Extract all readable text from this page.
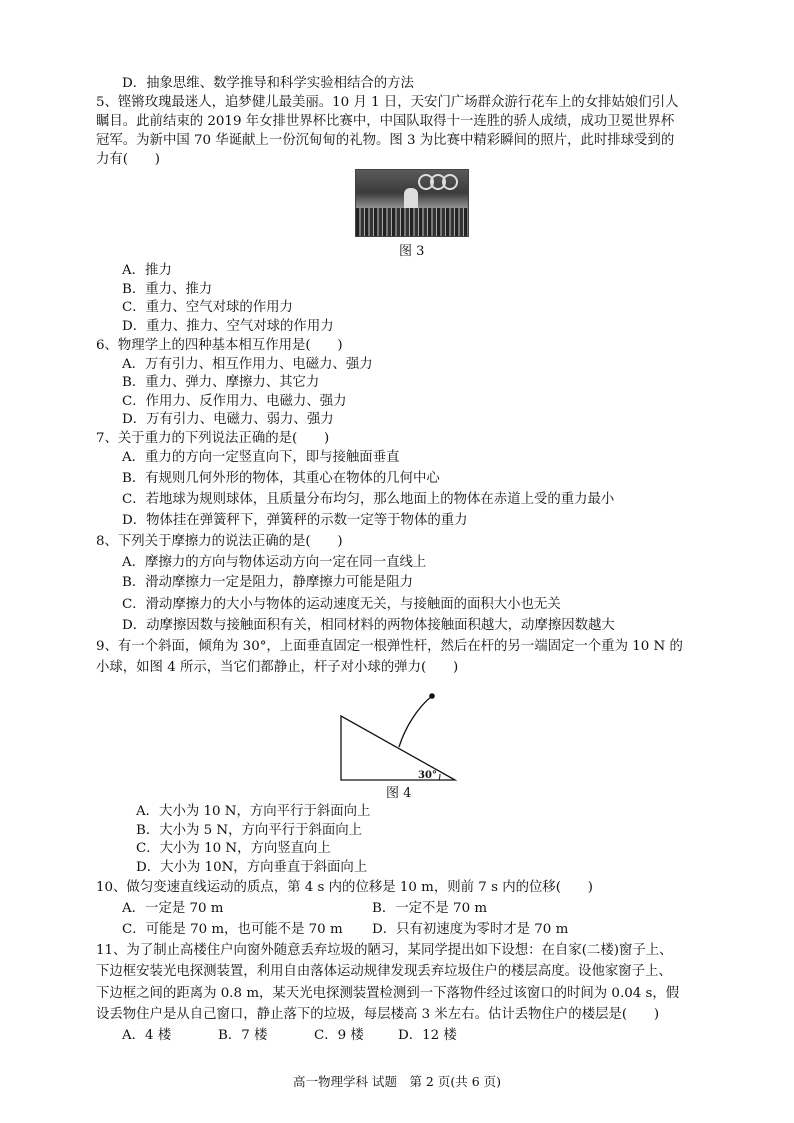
D．抽象思维、数学推导和科学实验相结合的方法
5、铿锵玫瑰最迷人，追梦健儿最美丽。10 月 1 日，天安门广场群众游行花车上的女排姑娘们引人
瞩目。此前结束的 2019 年女排世界杯比赛中，中国队取得十一连胜的骄人成绩，成功卫冕世界杯
冠军。为新中国 70 华诞献上一份沉甸甸的礼物。图 3 为比赛中精彩瞬间的照片，此时排球受到的
力有(　　)
图 3
A．推力
B．重力、推力
C．重力、空气对球的作用力
D．重力、推力、空气对球的作用力
6、物理学上的四种基本相互作用是(　　)
A．万有引力、相互作用力、电磁力、强力
B．重力、弹力、摩擦力、其它力
C．作用力、反作用力、电磁力、强力
D．万有引力、电磁力、弱力、强力
7、关于重力的下列说法正确的是(　　)
A．重力的方向一定竖直向下，即与接触面垂直
B．有规则几何外形的物体，其重心在物体的几何中心
C．若地球为规则球体，且质量分布均匀，那么地面上的物体在赤道上受的重力最小
D．物体挂在弹簧秤下，弹簧秤的示数一定等于物体的重力
8、下列关于摩擦力的说法正确的是(　　)
A．摩擦力的方向与物体运动方向一定在同一直线上
B．滑动摩擦力一定是阻力，静摩擦力可能是阻力
C．滑动摩擦力的大小与物体的运动速度无关，与接触面的面积大小也无关
D．动摩擦因数与接触面积有关，相同材料的两物体接触面积越大，动摩擦因数越大
9、有一个斜面，倾角为 30°，上面垂直固定一根弹性杆，然后在杆的另一端固定一个重为 10 N 的
小球，如图 4 所示，当它们都静止，杆子对小球的弹力(　　)
30°
图 4
A．大小为 10 N，方向平行于斜面向上
B．大小为 5 N，方向平行于斜面向上
C．大小为 10 N，方向竖直向上
D．大小为 10N，方向垂直于斜面向上
10、做匀变速直线运动的质点，第 4 s 内的位移是 10 m，则前 7 s 内的位移(　　)
A．一定是 70 m	B．一定不是 70 m
C．可能是 70 m，也可能不是 70 m D．只有初速度为零时才是 70 m
11、为了制止高楼住户向窗外随意丢弃垃圾的陋习，某同学提出如下设想：在自家(二楼)窗子上、
下边框安装光电探测装置，利用自由落体运动规律发现丢弃垃圾住户的楼层高度。设他家窗子上、
下边框之间的距离为 0.8 m，某天光电探测装置检测到一下落物件经过该窗口的时间为 0.04 s，假
设丢物住户是从自己窗口，静止落下的垃圾，每层楼高 3 米左右。估计丢物住户的楼层是(　　)
A．4 楼	B．7 楼	C．9 楼	D．12 楼
高一物理学科 试题　第 2 页(共 6 页)
